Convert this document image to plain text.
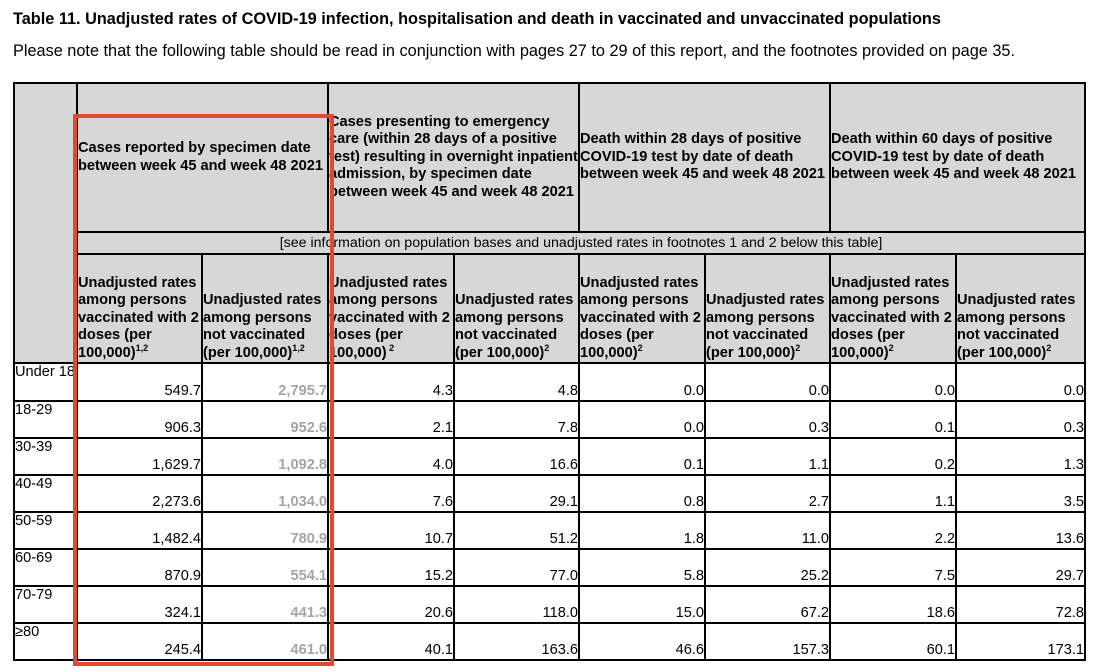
Table 11. Unadjusted rates of COVID-19 infection, hospitalisation and death in vaccinated and unvaccinated populations
Please note that the following table should be read in conjunction with pages 27 to 29 of this report, and the footnotes provided on page 35.
	Cases reported by specimen date between week 45 and week 48 2021		Cases presenting to emergency care (within 28 days of a positive test) resulting in overnight inpatient admission, by specimen date between week 45 and week 48 2021		Death within 28 days of positive COVID-19 test by date of death between week 45 and week 48 2021		Death within 60 days of positive COVID-19 test by date of death between week 45 and week 48 2021	
	[see information on population bases and unadjusted rates in footnotes 1 and 2 below this table]							
	Unadjusted rates among persons vaccinated with 2 doses (per 100,000)$^{1,2}$	Unadjusted rates among persons not vaccinated (per 100,000)$^{1,2}$	Unadjusted rates among persons vaccinated with 2 doses (per 100,000) $^2$	Unadjusted rates among persons not vaccinated (per 100,000)$^2$	Unadjusted rates among persons vaccinated with 2 doses (per 100,000)$^2$	Unadjusted rates among persons not vaccinated (per 100,000)$^2$	Unadjusted rates among persons vaccinated with 2 doses (per 100,000)$^2$	Unadjusted rates among persons not vaccinated (per 100,000)$^2$
Under 18	549.7	2,795.7	4.3	4.8	0.0	0.0	0.0	0.0
18-29	906.3	952.6	2.1	7.8	0.0	0.3	0.1	0.3
30-39	1,629.7	1,092.8	4.0	16.6	0.1	1.1	0.2	1.3
40-49	2,273.6	1,034.0	7.6	29.1	0.8	2.7	1.1	3.5
50-59	1,482.4	780.9	10.7	51.2	1.8	11.0	2.2	13.6
60-69	870.9	554.1	15.2	77.0	5.8	25.2	7.5	29.7
70-79	324.1	441.3	20.6	118.0	15.0	67.2	18.6	72.8
≥80	245.4	461.0	40.1	163.6	46.6	157.3	60.1	173.1
